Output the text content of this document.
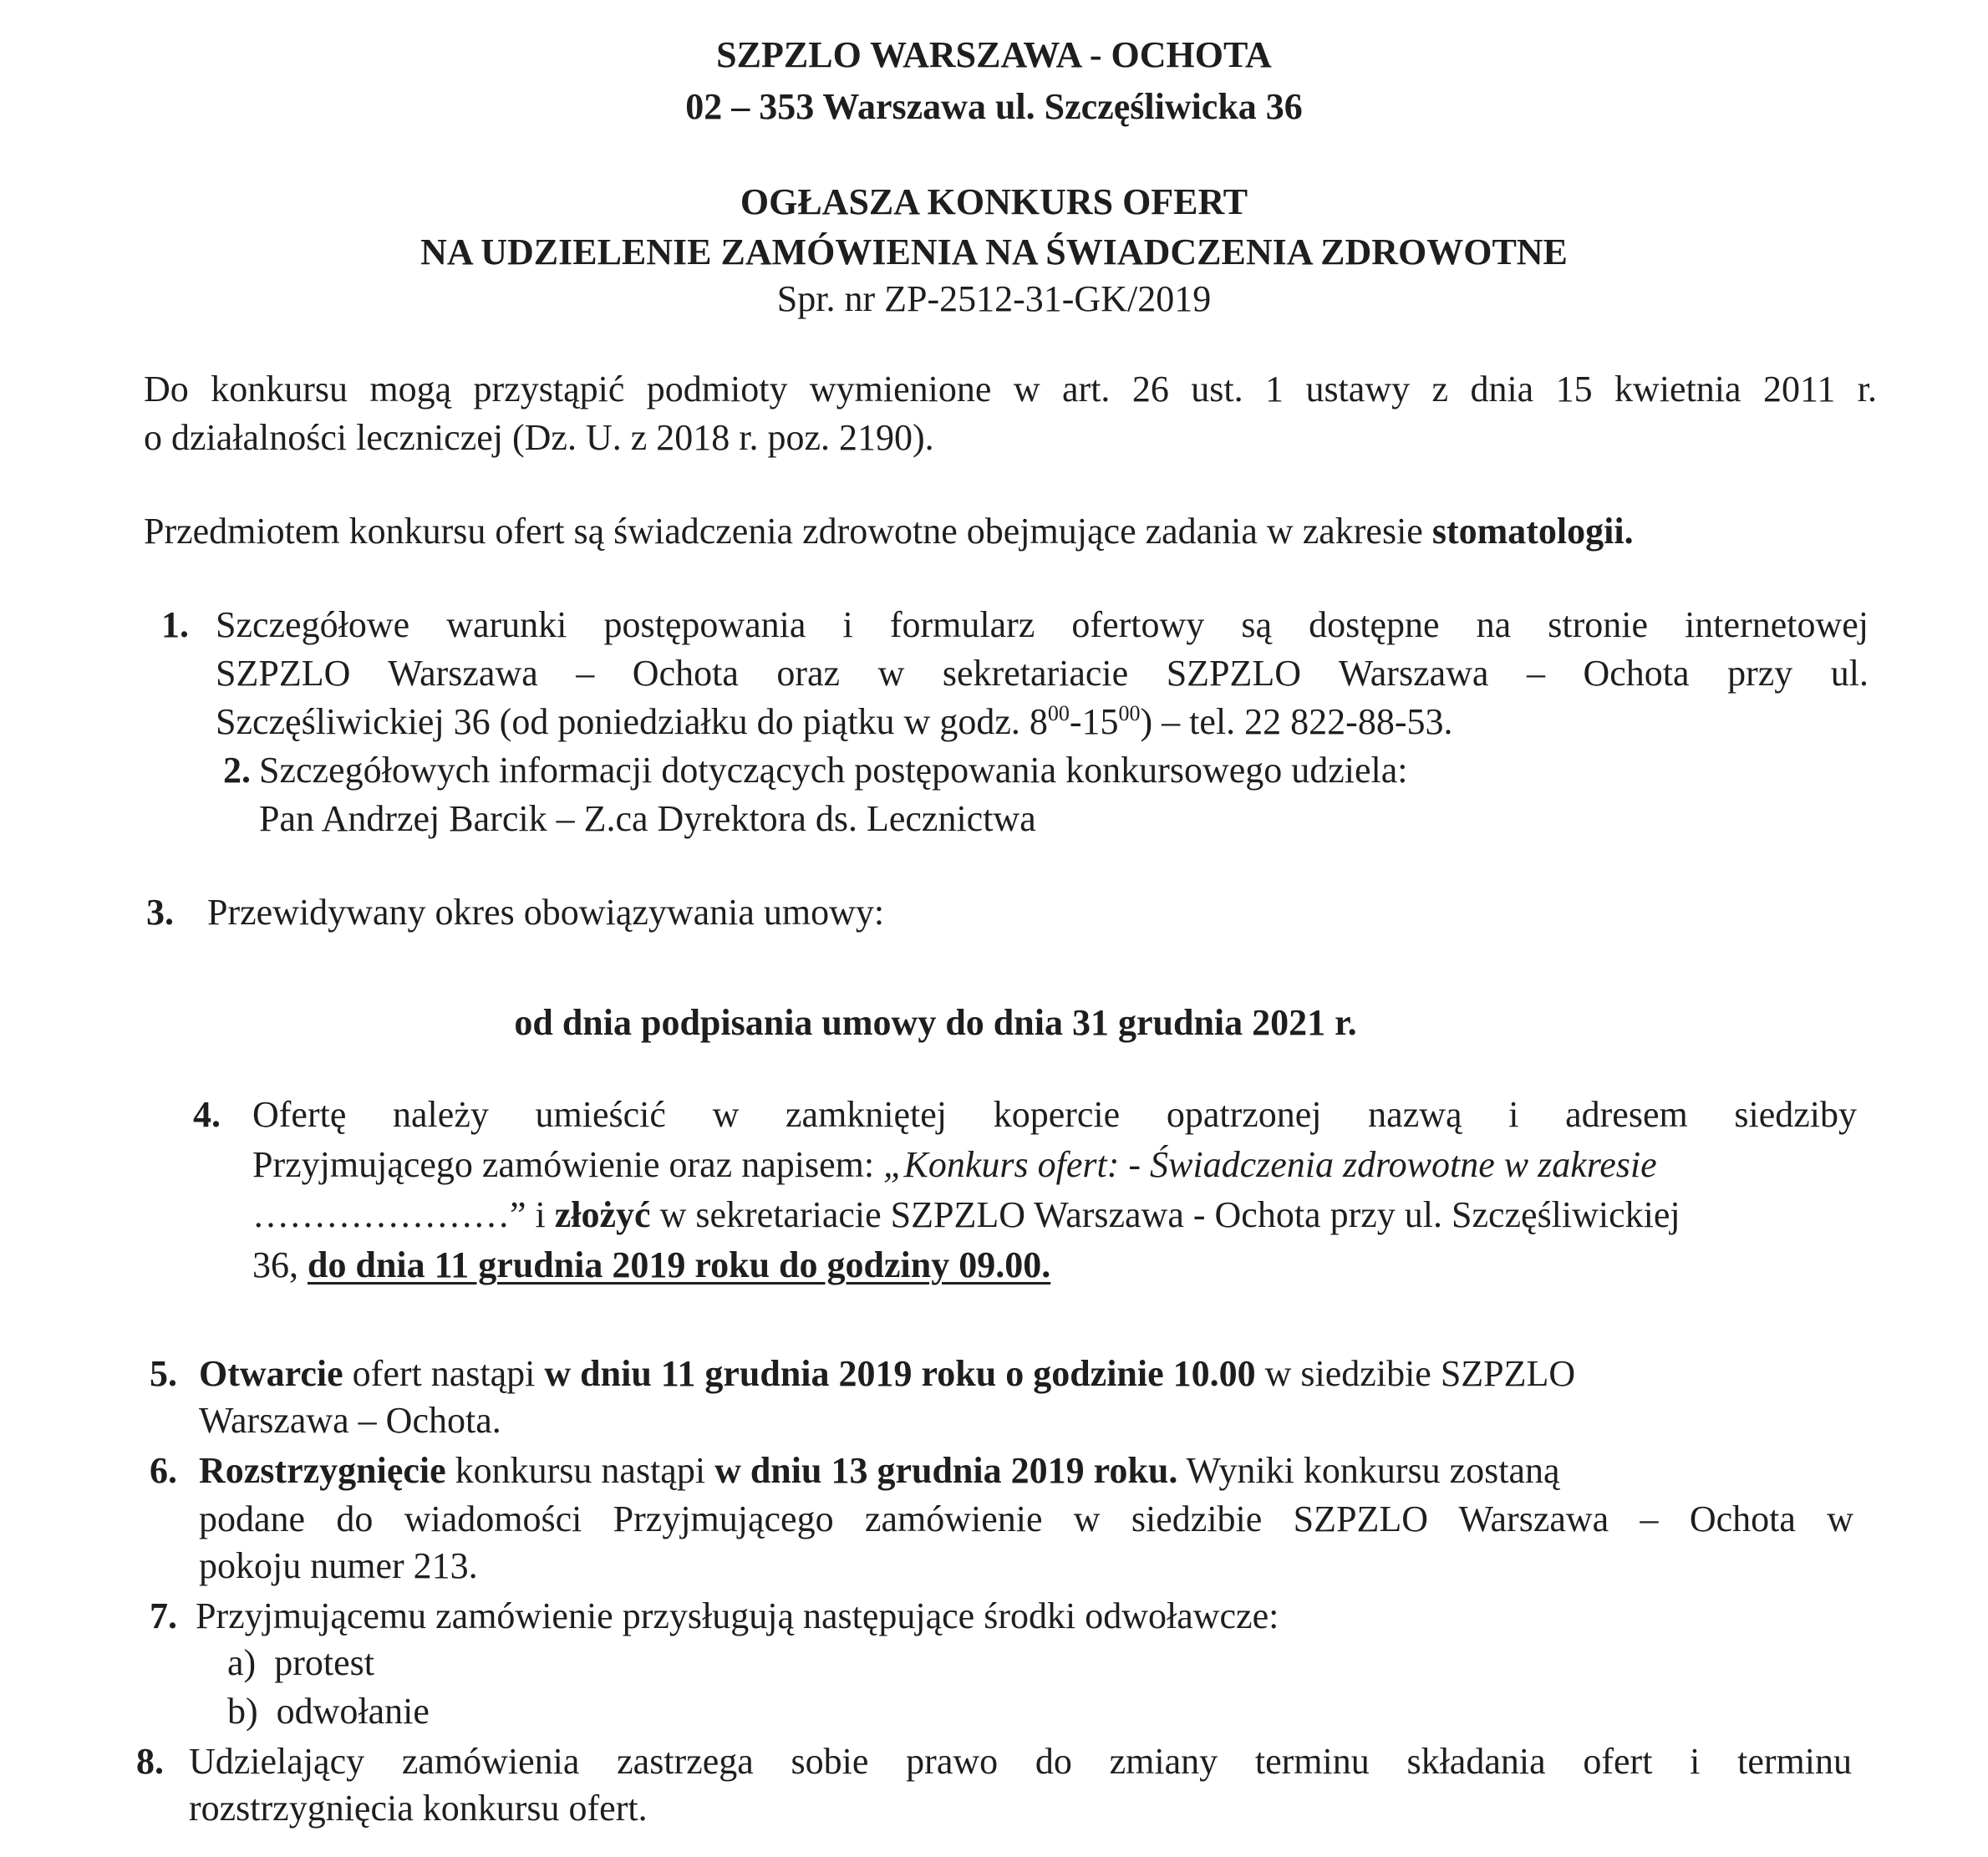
SZPZLO WARSZAWA - OCHOTA
02 – 353 Warszawa ul. Szczęśliwicka 36
OGŁASZA KONKURS OFERT
NA UDZIELENIE ZAMÓWIENIA NA ŚWIADCZENIA ZDROWOTNE
Spr. nr ZP-2512-31-GK/2019
Do konkursu mogą przystąpić podmioty wymienione w art. 26 ust. 1 ustawy z dnia 15 kwietnia 2011 r.
o działalności leczniczej (Dz. U. z 2018 r. poz. 2190).
Przedmiotem konkursu ofert są świadczenia zdrowotne obejmujące zadania w zakresie stomatologii.
1. Szczegółowe warunki postępowania i formularz ofertowy są dostępne na stronie internetowej
SZPZLO Warszawa – Ochota oraz w sekretariacie SZPZLO Warszawa – Ochota przy ul.
Szczęśliwickiej 36 (od poniedziałku do piątku w godz. $8^{00}-15^{00}$) – tel. 22 822-88-53.
2. Szczegółowych informacji dotyczących postępowania konkursowego udziela:
Pan Andrzej Barcik – Z.ca Dyrektora ds. Lecznictwa
3. Przewidywany okres obowiązywania umowy:
od dnia podpisania umowy do dnia 31 grudnia 2021 r.
4. Ofertę należy umieścić w zamkniętej kopercie opatrzonej nazwą i adresem siedziby
Przyjmującego zamówienie oraz napisem: „Konkurs ofert: - Świadczenia zdrowotne w zakresie
…………………” i złożyć w sekretariacie SZPZLO Warszawa - Ochota przy ul. Szczęśliwickiej
36, do dnia 11 grudnia 2019 roku do godziny 09.00.
5. Otwarcie ofert nastąpi w dniu 11 grudnia 2019 roku o godzinie 10.00 w siedzibie SZPZLO
Warszawa – Ochota.
6. Rozstrzygnięcie konkursu nastąpi w dniu 13 grudnia 2019 roku. Wyniki konkursu zostaną
podane do wiadomości Przyjmującego zamówienie w siedzibie SZPZLO Warszawa – Ochota w
pokoju numer 213.
7. Przyjmującemu zamówienie przysługują następujące środki odwoławcze:
a) protest
b) odwołanie
8. Udzielający zamówienia zastrzega sobie prawo do zmiany terminu składania ofert i terminu
rozstrzygnięcia konkursu ofert.
